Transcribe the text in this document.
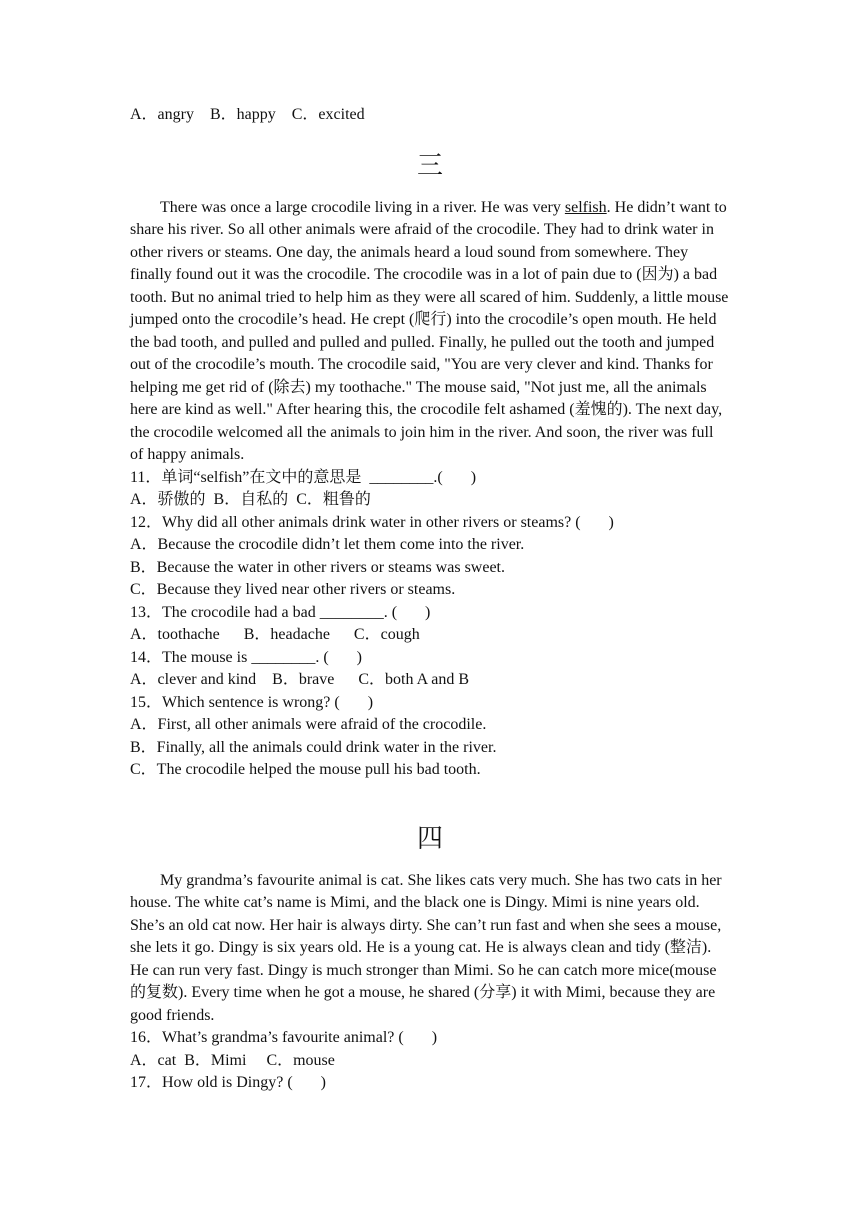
A．angry    B．happy    C．excited
三

There was once a large crocodile living in a river. He was very selfish. He didn’t want to share his river. So all other animals were afraid of the crocodile. They had to drink water in other rivers or steams. One day, the animals heard a loud sound from somewhere. They finally found out it was the crocodile. The crocodile was in a lot of pain due to (因为) a bad tooth. But no animal tried to help him as they were all scared of him. Suddenly, a little mouse jumped onto the crocodile’s head. He crept (爬行) into the crocodile’s open mouth. He held the bad tooth, and pulled and pulled and pulled. Finally, he pulled out the tooth and jumped out of the crocodile’s mouth. The crocodile said, "You are very clever and kind. Thanks for helping me get rid of (除去) my toothache." The mouse said, "Not just me, all the animals here are kind as well." After hearing this, the crocodile felt ashamed (羞愧的). The next day, the crocodile welcomed all the animals to join him in the river. And soon, the river was full of happy animals.

11．单词“selfish”在文中的意思是  ________.(       )
A．骄傲的  B．自私的  C．粗鲁的
12．Why did all other animals drink water in other rivers or steams? (       )
A．Because the crocodile didn’t let them come into the river.
B．Because the water in other rivers or steams was sweet.
C．Because they lived near other rivers or steams.
13．The crocodile had a bad ________. (       )
A．toothache      B．headache      C．cough
14．The mouse is ________. (       )
A．clever and kind    B．brave      C．both A and B
15．Which sentence is wrong? (       )
A．First, all other animals were afraid of the crocodile.
B．Finally, all the animals could drink water in the river.
C．The crocodile helped the mouse pull his bad tooth.
四

My grandma’s favourite animal is cat. She likes cats very much. She has two cats in her house. The white cat’s name is Mimi, and the black one is Dingy. Mimi is nine years old. She’s an old cat now. Her hair is always dirty. She can’t run fast and when she sees a mouse, she lets it go. Dingy is six years old. He is a young cat. He is always clean and tidy (整洁). He can run very fast. Dingy is much stronger than Mimi. So he can catch more mice(mouse 的复数). Every time when he got a mouse, he shared (分享) it with Mimi, because they are good friends.

16．What’s grandma’s favourite animal? (       )
A．cat  B．Mimi     C．mouse
17．How old is Dingy? (       )
